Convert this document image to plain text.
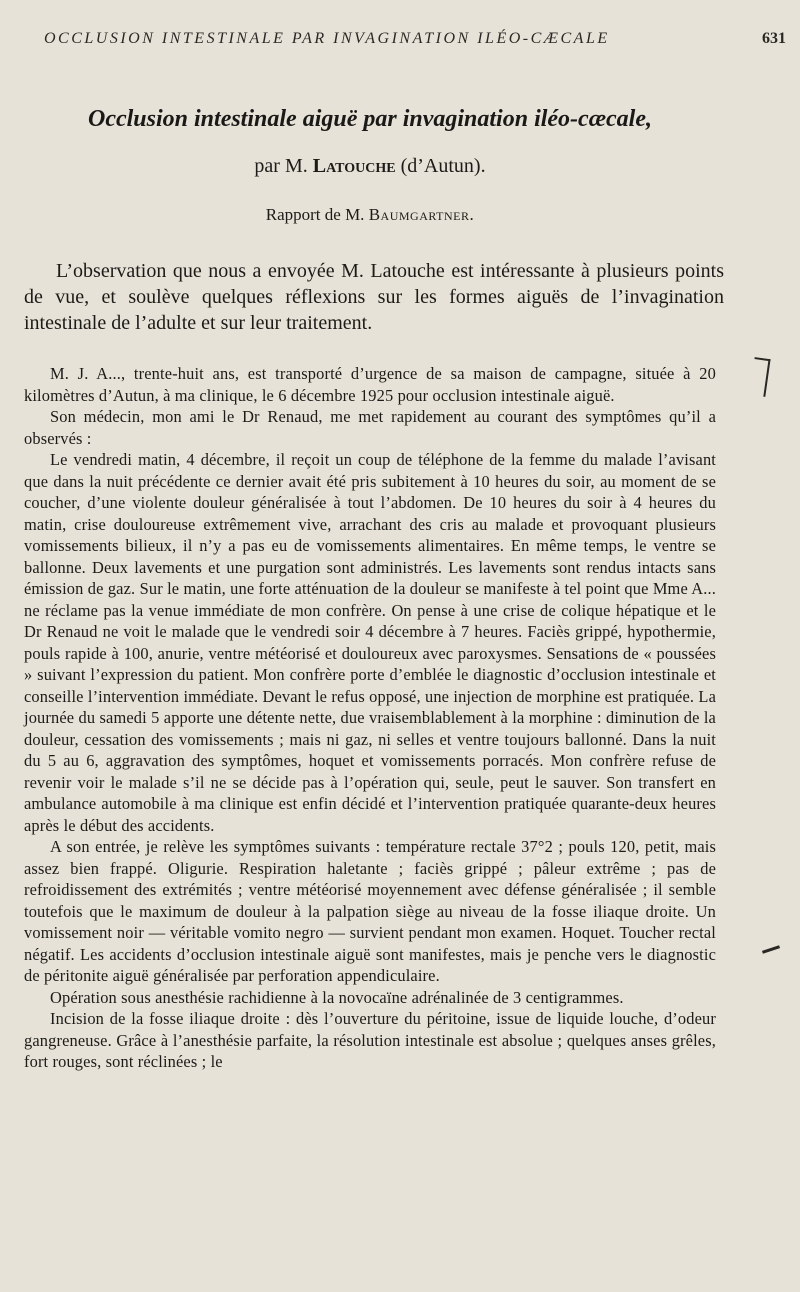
OCCLUSION INTESTINALE PAR INVAGINATION ILÉO-CÆCALE	631
Occlusion intestinale aiguë par invagination iléo-cæcale,
par M. Latouche (d’Autun).
Rapport de M. Baumgartner.
L’observation que nous a envoyée M. Latouche est intéressante à plusieurs points de vue, et soulève quelques réflexions sur les formes aiguës de l’invagination intestinale de l’adulte et sur leur traitement.

M. J. A..., trente-huit ans, est transporté d’urgence de sa maison de campagne, située à 20 kilomètres d’Autun, à ma clinique, le 6 décembre 1925 pour occlusion intestinale aiguë.

Son médecin, mon ami le Dr Renaud, me met rapidement au courant des symptômes qu’il a observés :

Le vendredi matin, 4 décembre, il reçoit un coup de téléphone de la femme du malade l’avisant que dans la nuit précédente ce dernier avait été pris subitement à 10 heures du soir, au moment de se coucher, d’une violente douleur généralisée à tout l’abdomen. De 10 heures du soir à 4 heures du matin, crise douloureuse extrêmement vive, arrachant des cris au malade et provoquant plusieurs vomissements bilieux, il n’y a pas eu de vomissements alimentaires. En même temps, le ventre se ballonne. Deux lavements et une purgation sont administrés. Les lavements sont rendus intacts sans émission de gaz. Sur le matin, une forte atténuation de la douleur se manifeste à tel point que Mme A... ne réclame pas la venue immédiate de mon confrère. On pense à une crise de colique hépatique et le Dr Renaud ne voit le malade que le vendredi soir 4 décembre à 7 heures. Faciès grippé, hypothermie, pouls rapide à 100, anurie, ventre météorisé et douloureux avec paroxysmes. Sensations de « poussées » suivant l’expression du patient. Mon confrère porte d’emblée le diagnostic d’occlusion intestinale et conseille l’intervention immédiate. Devant le refus opposé, une injection de morphine est pratiquée. La journée du samedi 5 apporte une détente nette, due vraisemblablement à la morphine : diminution de la douleur, cessation des vomissements ; mais ni gaz, ni selles et ventre toujours ballonné. Dans la nuit du 5 au 6, aggravation des symptômes, hoquet et vomissements porracés. Mon confrère refuse de revenir voir le malade s’il ne se décide pas à l’opération qui, seule, peut le sauver. Son transfert en ambulance automobile à ma clinique est enfin décidé et l’intervention pratiquée quarante-deux heures après le début des accidents.

A son entrée, je relève les symptômes suivants : température rectale 37°2 ; pouls 120, petit, mais assez bien frappé. Oligurie. Respiration haletante ; faciès grippé ; pâleur extrême ; pas de refroidissement des extrémités ; ventre météorisé moyennement avec défense généralisée ; il semble toutefois que le maximum de douleur à la palpation siège au niveau de la fosse iliaque droite. Un vomissement noir — véritable vomito negro — survient pendant mon examen. Hoquet. Toucher rectal négatif. Les accidents d’occlusion intestinale aiguë sont manifestes, mais je penche vers le diagnostic de péritonite aiguë généralisée par perforation appendiculaire.

Opération sous anesthésie rachidienne à la novocaïne adrénalinée de 3 centigrammes.

Incision de la fosse iliaque droite : dès l’ouverture du péritoine, issue de liquide louche, d’odeur gangreneuse. Grâce à l’anesthésie parfaite, la résolution intestinale est absolue ; quelques anses grêles, fort rouges, sont réclinées ; le
